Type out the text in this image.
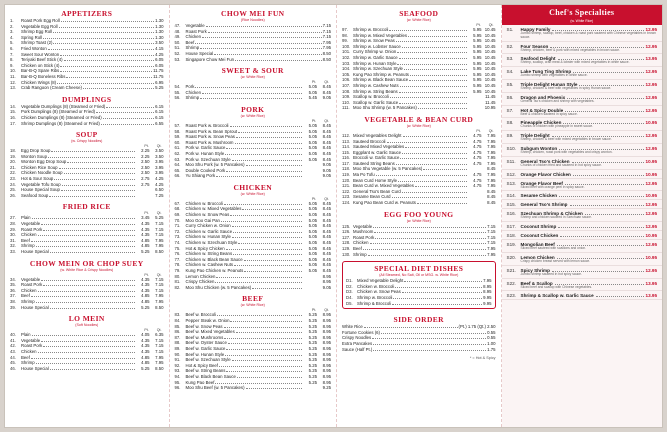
APPETIZERS
1.	Roast Pork Egg Roll	1.30
2.	Vegetable Egg Roll	1.30
3.	Shrimp Egg Roll	1.30
4.	Spring Roll	1.30
5.	Shrimp Toast (2)	3.50
6.	Fried Wonton	4.15
7.	Sweet Sour Wonton	4.25
8.	Teriyaki Beef Stick (4)	6.05
9.	Chicken on Stick (4)	6.05
10.	Bar-B-Q Spare Ribs	11.75
11.	Bar-B-Q Boneless Ribs	11.75
12.	Chicken Wings (8)	6.95
13.	Crab Rangoon (Cream Cheese)	5.25
DUMPLINGS
14.	Vegetable Dumplings (8) (Steamed or Fried)	6.15
15.	Pork Dumplings (8) (Steamed or Fried)	6.15
16.	Chicken Dumplings (8) (Steamed or Fried)	6.15
17.	Shrimp Dumplings (8) (Steamed or Fried)	6.55
SOUP
(w. Crispy Noodles)
Pt. Qt.
18.	Egg Drop Soup	2.25	3.50
19.	Wonton Soup	2.25	3.50
20.	Wonton Egg Drop Soup	2.50	3.95
21.	Chicken Rice Soup	2.50	3.95
22.	Chicken Noodle Soup	2.50	3.95
23.	Hot & Sour Soup	2.75	4.25
24.	Vegetable Tofu Soup	2.75	4.25
25.	House Special Soup	6.50
26.	Seafood Soup	7.25
FRIED RICE
Pt. Qt.
27.	Plain	3.45	5.25
28.	Vegetable	4.35	7.15
29.	Roast Pork	4.35	7.15
30.	Chicken	4.35	7.15
31.	Beef	4.85	7.95
32.	Shrimp	4.85	7.95
33.	House Special	5.25	8.50
CHOW MEIN OR CHOP SUEY
(w. White Rice & Crispy Noodles)
Pt. Qt.
34.	Vegetable	4.35	7.15
35.	Roast Pork	4.35	7.15
36.	Chicken	4.35	7.15
37.	Beef	4.85	7.95
38.	Shrimp	4.85	7.95
39.	House Special	5.25	8.50
LO MEIN
(Soft Noodles)
Pt. Qt.
40.	Plain	4.05	6.35
41.	Vegetable	4.35	7.15
42.	Roast Pork	4.35	7.15
43.	Chicken	4.35	7.15
44.	Beef	4.85	7.95
45.	Shrimp	4.85	7.95
46.	House Special	5.25	8.50
CHOW MEI FUN
(Rice Noodles)
47.	Vegetable	7.15
48.	Roast Pork	7.15
49.	Chicken	7.15
50.	Beef	7.95
51.	Shrimp	7.95
52.	House Special	8.50
53.	Singapore Chow Mei Fun	8.50
SWEET & SOUR
(w. White Rice)
Pt. Qt.
54.	Pork	5.05	8.45
55.	Chicken	5.05	8.45
56.	Shrimp	5.45	9.05
PORK
(w. White Rice)
Pt. Qt.
57.	Roast Pork w. Broccoli	5.05	8.45
58.	Roast Pork w. Bean Sprout	5.05	8.45
59.	Roast Pork w. Snow Peas	5.05	8.45
60.	Roast Pork w. Mushroom	5.05	8.45
61.	Pork w. Garlic Sauce	5.05	8.45
62.	Pork w. Hunan Style	5.05	8.45
63.	Pork w. Szechuan Style	5.05	8.45
64.	Moo Shu Pork (w. 5 Pancakes)	9.05
65.	Double Cooked Pork	9.05
66.	Yu Shiang Pork	9.05
CHICKEN
(w. White Rice)
Pt. Qt.
67.	Chicken w. Broccoli	5.05	8.45
68.	Chicken w. Mixed Vegetables	5.05	8.45
69.	Chicken w. Snow Peas	5.05	8.45
70.	Moo Goo Gai Pan	5.05	8.45
71.	Curry Chicken w. Onion	5.05	8.45
72.	Chicken w. Garlic Sauce	5.05	8.45
73.	Chicken w. Hunan Style	5.05	8.45
74.	Chicken w. Szechuan Style	5.05	8.45
75.	Hot & Spicy Chicken	5.05	8.45
76.	Chicken w. String Beans	5.05	8.45
77.	Chicken w. Black Bean Sauce	5.05	8.45
78.	Chicken w. Cashew Nuts	5.05	8.45
79.	Kung Pao Chicken w. Peanuts	5.05	8.45
80.	Lemon Chicken	8.95
81.	Crispy Chicken	8.95
82.	Moo Shu Chicken (w. 5 Pancakes)	9.05
BEEF
(w. White Rice)
Pt. Qt.
83.	Beef w. Broccoli	5.25	8.95
84.	Pepper Steak w. Onion	5.25	8.95
85.	Beef w. Snow Peas	5.25	8.95
86.	Beef w. Mixed Vegetables	5.25	8.95
87.	Beef w. Mushrooms	5.25	8.95
88.	Beef w. Oyster Sauce	5.25	8.95
89.	Beef w. Garlic Sauce	5.25	8.95
90.	Beef w. Hunan Style	5.25	8.95
91.	Beef w. Szechuan Style	5.25	8.95
92.	Hot & Spicy Beef	5.25	8.95
93.	Beef w. String Beans	5.25	8.95
94.	Beef w. Black Bean Sauce	5.25	8.95
95.	Kung Pao Beef	5.25	8.95
96.	Moo Shu Beef (w. 5 Pancakes)	9.25
SEAFOOD
(w. White Rice)
Pt. Qt.
97.	Shrimp w. Broccoli	5.95 10.45
98.	Shrimp w. Mixed Vegetables	5.95 10.45
99.	Shrimp w. Snow Peas	5.95 10.45
100. Shrimp w. Lobster Sauce	5.95 10.45
101. Curry Shrimp w. Onion	5.95 10.45
102. Shrimp w. Garlic Sauce	5.95 10.45
103. Shrimp w. Hunan Style	5.95 10.45
104. Shrimp w. Szechuan Style	5.95 10.45
105. Kung Pao Shrimp w. Peanuts	5.95 10.45
106. Shrimp w. Black Bean Sauce	5.95 10.45
107. Shrimp w. Cashew Nuts	5.95 10.45
108. Shrimp w. String Beans	5.95 10.45
109. Scallop w. Broccoli	11.45
110. Scallop w. Garlic Sauce	11.45
111. Moo Shu Shrimp (w. 5 Pancakes)	10.95
VEGETABLE & BEAN CURD
(w. White Rice)
Pt. Qt.
112. Mixed Vegetables Delight	4.75	7.95
113. Sauteed Broccoli	4.75	7.95
114. Sauteed Mixed Vegetables	4.75	7.95
115. Eggplant w. Garlic Sauce	4.75	7.95
116. Broccoli w. Garlic Sauce	4.75	7.95
117. Sauteed String Beans	4.75	7.95
118. Moo Shu Vegetable (w. 5 Pancakes)	8.45
119. Ma Po Tofu	4.75	7.95
120. Bean Curd Home Style	4.75	7.95
121. Bean Curd w. Mixed Vegetables	4.75	7.95
122. General Tso's Bean Curd	8.45
123. Sesame Bean Curd	8.45
124. Kung Pao Bean Curd w. Peanuts	8.45
EGG FOO YOUNG
(w. White Rice)
125. Vegetable	7.15
126. Mushroom	7.15
127. Roast Pork	7.15
128. Chicken	7.15
129. Beef	7.95
130. Shrimp	7.95
SPECIAL DIET DISHES
(All Steamed, No Salt, Oil or MSG. w. White Rice)
D1.	Mixed Vegetable Delight	7.95
D2.	Chicken w. Broccoli	8.95
D3.	Chicken w. Snow Peas	8.95
D4.	Shrimp w. Broccoli	9.95
D5.	Shrimp & Broccoli	9.95
SIDE ORDER
White Rice	(Pt.) 1.75 (Qt.) 2.50
Fortune Cookies (6)	0.55
Crispy Noodles	0.55
Extra Pancakes	1.00
Sauce (Half Pt.)	1.75
* = Hot & Spicy
Chef's Specialties
(w. White Rice)
S1.	Happy Family	12.95
Jumbo shrimp, scallop, beef, chicken & roast pork sauteed with Chinese vegetables in brown sauce.
S2.	Four Season	12.95
Shrimp, chicken, beef & pork with mixed vegetables in brown sauce.
S3.	Seafood Delight	13.95
Shrimp, scallop, crab meat & lobster with mixed vegetables in white sauce.
S4.	Lake Tung Ting Shrimp	12.95
Jumbo shrimp with vegetables in white sauce.
S5.	Triple Delight Hunan Style	12.95
Shrimp, chicken & beef with vegetables in spicy Hunan sauce.
S6.	Dragon and Phoenix	12.95
General Tso's chicken and shrimp with vegetables.
S7.	Hot & Spicy Double	12.95
Beef & chicken sauteed in spicy sauce.
S8.	Pineapple Chicken	10.95
Chunks of chicken with pineapple in sweet sauce.
S9.	Triple Delight	12.95
Shrimp, chicken & beef with mixed vegetables in brown sauce.
S10. Subgum Wonton	12.95
Shrimp, chicken, roast pork with vegetables and crispy wonton.
S11.	General Tso's Chicken	10.95
Chunks of chicken fried and sauteed in hot spicy sauce.
S12. Orange Flavor Chicken	10.95
S13. Orange Flavor Beef	12.95
Sliced beef with orange peel in spicy sauce.
S14. Sesame Chicken	10.95
S15. General Tso's Shrimp	12.95
S16. Szechuan Shrimp & Chicken	12.95
Shrimp and chicken sauteed in Szechuan sauce.
S17. Coconut Shrimp	12.95
S18. Coconut Chicken	10.95
S19. Mongolian Beef	12.95
Sliced beef sauteed with scallions and onion.
S20. Lemon Chicken	10.95
Crispy chicken breast served with lemon sauce.
S21. Spicy Shrimp	12.95
Jumbo shrimp sauteed in hot spicy sauce.
S22. Beef & Scallop	13.95
Sliced beef and scallop with Chinese vegetables.
S23. Shrimp & Scallop w. Garlic Sauce	13.95
